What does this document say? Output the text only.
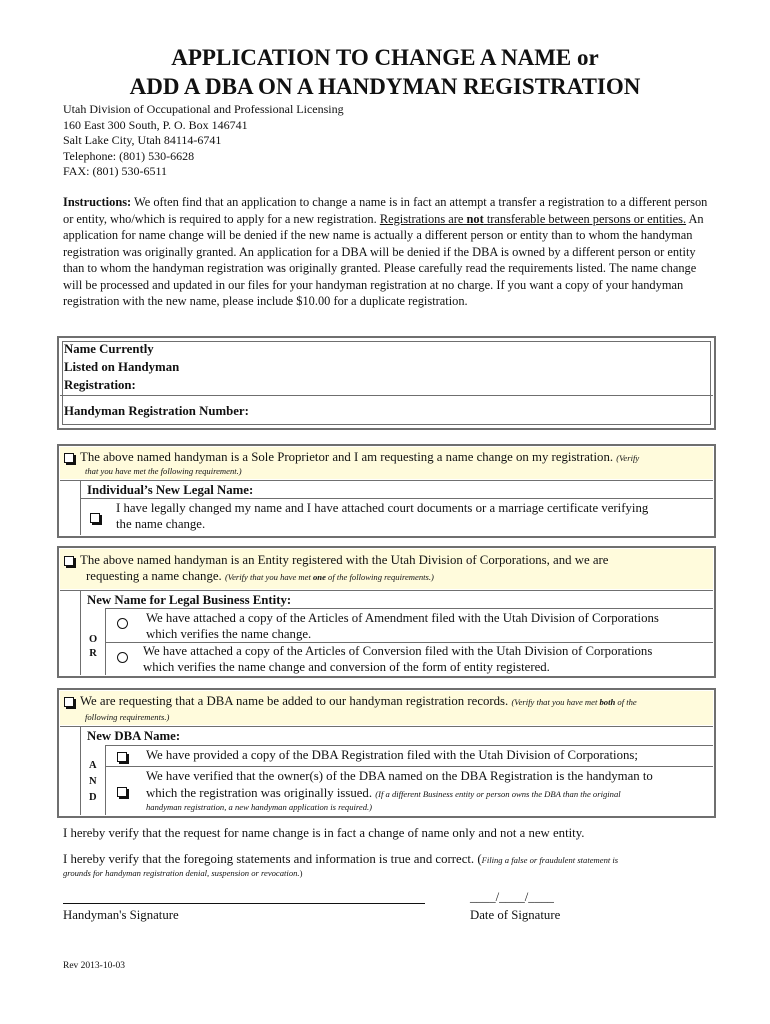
APPLICATION TO CHANGE A NAME or
ADD A DBA ON A HANDYMAN REGISTRATION
Utah Division of Occupational and Professional Licensing
160 East 300 South, P. O. Box 146741
Salt Lake City, Utah 84114-6741
Telephone: (801) 530-6628
FAX: (801) 530-6511
Instructions: We often find that an application to change a name is in fact an attempt a transfer a registration to a different person or entity, who/which is required to apply for a new registration. Registrations are not transferable between persons or entities. An application for name change will be denied if the new name is actually a different person or entity than to whom the handyman registration was originally granted. An application for a DBA will be denied if the DBA is owned by a different person or entity than to whom the handyman registration was originally granted. Please carefully read the requirements listed. The name change will be processed and updated in our files for your handyman registration at no charge. If you want a copy of your handyman registration with the new name, please include $10.00 for a duplicate registration.
Name Currently
Listed on Handyman
Registration:
Handyman Registration Number:
The above named handyman is a Sole Proprietor and I am requesting a name change on my registration. (Verify
that you have met the following requirement.)
Individual’s New Legal Name:
I have legally changed my name and I have attached court documents or a marriage certificate verifying
the name change.
The above named handyman is an Entity registered with the Utah Division of Corporations, and we are
requesting a name change. (Verify that you have met one of the following requirements.)
New Name for Legal Business Entity:
O
R
We have attached a copy of the Articles of Amendment filed with the Utah Division of Corporations
which verifies the name change.
We have attached a copy of the Articles of Conversion filed with the Utah Division of Corporations
which verifies the name change and conversion of the form of entity registered.
We are requesting that a DBA name be added to our handyman registration records. (Verify that you have met both of the
following requirements.)
New DBA Name:
A
N
D
We have provided a copy of the DBA Registration filed with the Utah Division of Corporations;
We have verified that the owner(s) of the DBA named on the DBA Registration is the handyman to
which the registration was originally issued. (If a different Business entity or person owns the DBA than the original
handyman registration, a new handyman application is required.)
I hereby verify that the request for name change is in fact a change of name only and not a new entity.
I hereby verify that the foregoing statements and information is true and correct. (Filing a false or fraudulent statement is
grounds for handyman registration denial, suspension or revocation.)
Handyman's Signature
____/____/____
Date of Signature
Rev 2013-10-03
